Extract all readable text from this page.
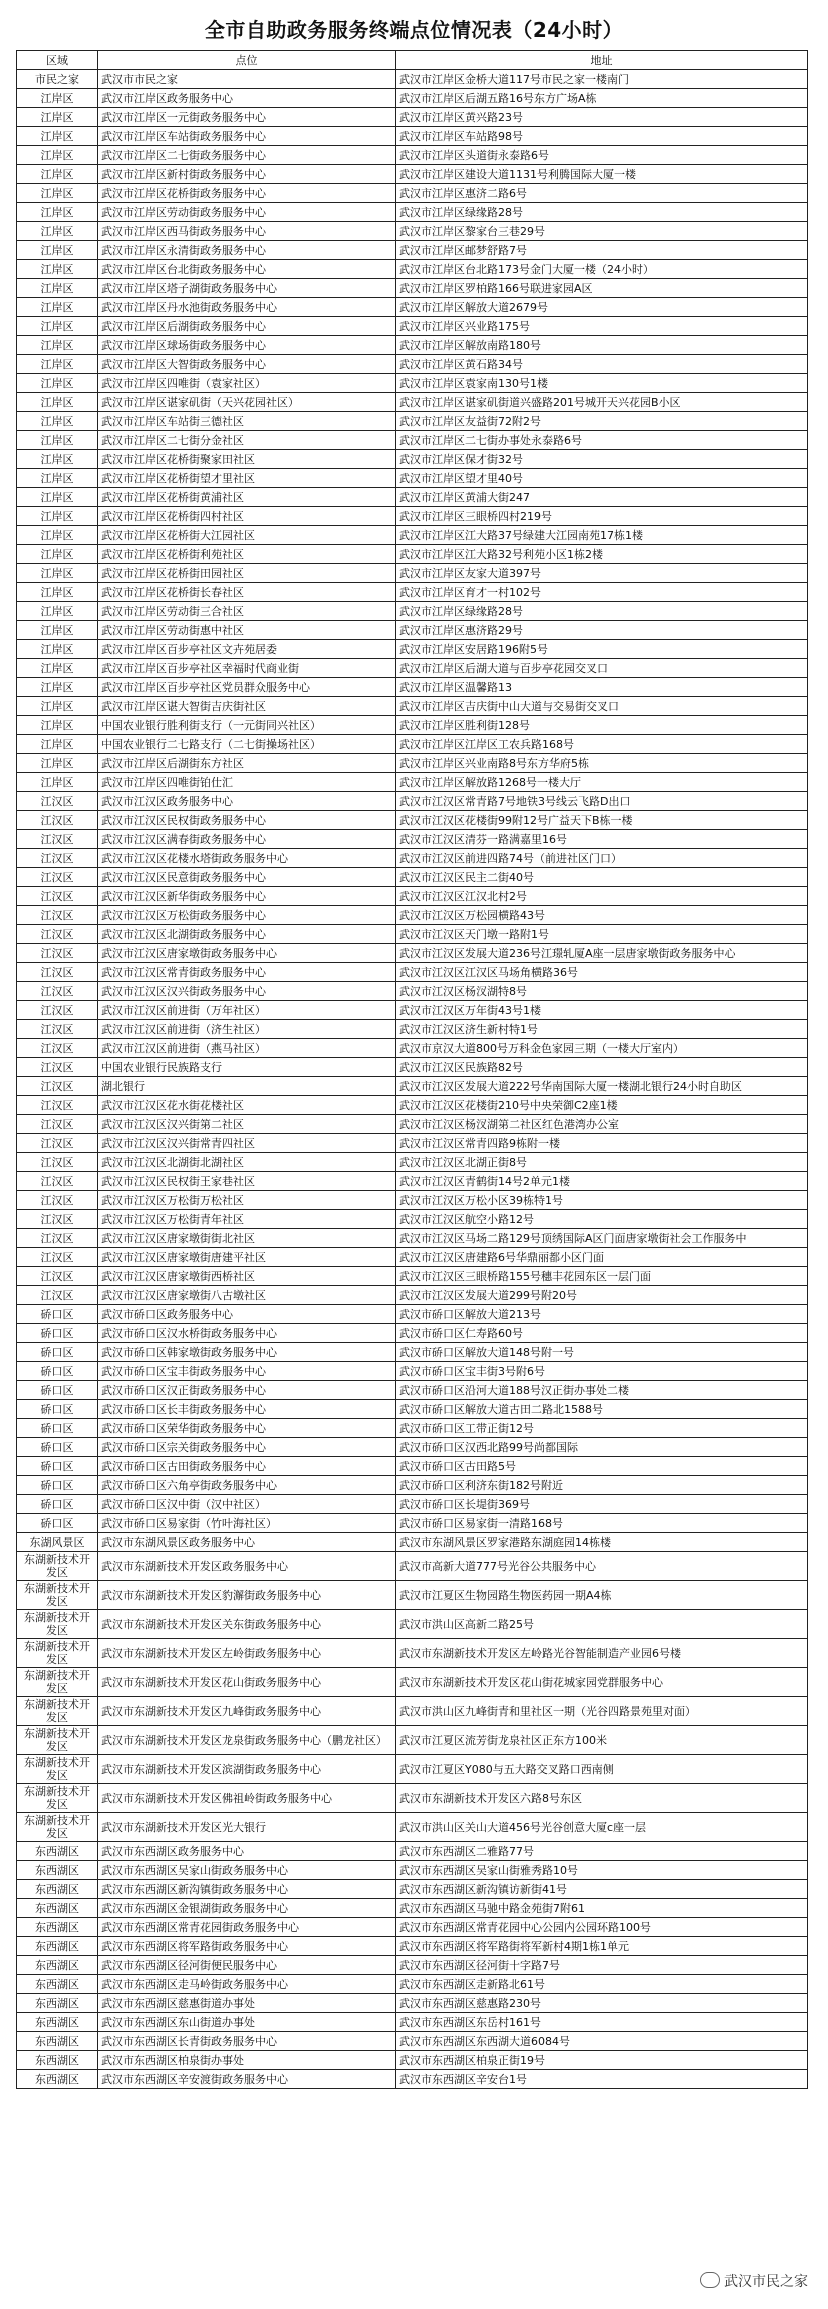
全市自助政务服务终端点位情况表（24小时）
区域	点位	地址
市民之家	武汉市市民之家	武汉市江岸区金桥大道117号市民之家一楼南门
江岸区	武汉市江岸区政务服务中心	武汉市江岸区后湖五路16号东方广场A栋
江岸区	武汉市江岸区一元街政务服务中心	武汉市江岸区黄兴路23号
江岸区	武汉市江岸区车站街政务服务中心	武汉市江岸区车站路98号
江岸区	武汉市江岸区二七街政务服务中心	武汉市江岸区头道街永泰路6号
江岸区	武汉市江岸区新村街政务服务中心	武汉市江岸区建设大道1131号利腾国际大厦一楼
江岸区	武汉市江岸区花桥街政务服务中心	武汉市江岸区惠济二路6号
江岸区	武汉市江岸区劳动街政务服务中心	武汉市江岸区绿缘路28号
江岸区	武汉市江岸区西马街政务服务中心	武汉市江岸区黎家台三巷29号
江岸区	武汉市江岸区永清街政务服务中心	武汉市江岸区邮梦舒路7号
江岸区	武汉市江岸区台北街政务服务中心	武汉市江岸区台北路173号金门大厦一楼（24小时）
江岸区	武汉市江岸区塔子湖街政务服务中心	武汉市江岸区罗柏路166号联进家园A区
江岸区	武汉市江岸区丹水池街政务服务中心	武汉市江岸区解放大道2679号
江岸区	武汉市江岸区后湖街政务服务中心	武汉市江岸区兴业路175号
江岸区	武汉市江岸区球场街政务服务中心	武汉市江岸区解放南路180号
江岸区	武汉市江岸区大智街政务服务中心	武汉市江岸区黄石路34号
江岸区	武汉市江岸区四唯街（袁家社区）	武汉市江岸区袁家南130号1楼
江岸区	武汉市江岸区谌家矶街（天兴花园社区）	武汉市江岸区谌家矶街道兴盛路201号城开天兴花园B小区
江岸区	武汉市江岸区车站街三德社区	武汉市江岸区友益街72附2号
江岸区	武汉市江岸区二七街分金社区	武汉市江岸区二七街办事处永泰路6号
江岸区	武汉市江岸区花桥街聚家田社区	武汉市江岸区保才街32号
江岸区	武汉市江岸区花桥街望才里社区	武汉市江岸区望才里40号
江岸区	武汉市江岸区花桥街黄浦社区	武汉市江岸区黄浦大街247
江岸区	武汉市江岸区花桥街四村社区	武汉市江岸区三眼桥四村219号
江岸区	武汉市江岸区花桥街大江园社区	武汉市江岸区江大路37号绿建大江园南苑17栋1楼
江岸区	武汉市江岸区花桥街利苑社区	武汉市江岸区江大路32号利苑小区1栋2楼
江岸区	武汉市江岸区花桥街田园社区	武汉市江岸区友家大道397号
江岸区	武汉市江岸区花桥街长春社区	武汉市江岸区育才一村102号
江岸区	武汉市江岸区劳动街三合社区	武汉市江岸区绿缘路28号
江岸区	武汉市江岸区劳动街惠中社区	武汉市江岸区惠济路29号
江岸区	武汉市江岸区百步亭社区文卉苑居委	武汉市江岸区安居路196附5号
江岸区	武汉市江岸区百步亭社区幸福时代商业街	武汉市江岸区后湖大道与百步亭花园交叉口
江岸区	武汉市江岸区百步亭社区党员群众服务中心	武汉市江岸区温馨路13
江岸区	武汉市江岸区谌大智街吉庆街社区	武汉市江岸区吉庆街中山大道与交易街交叉口
江岸区	中国农业银行胜利街支行（一元街同兴社区）	武汉市江岸区胜利街128号
江岸区	中国农业银行二七路支行（二七街操场社区）	武汉市江岸区江岸区工农兵路168号
江岸区	武汉市江岸区后湖街东方社区	武汉市江岸区兴业南路8号东方华府5栋
江岸区	武汉市江岸区四唯街铂仕汇	武汉市江岸区解放路1268号一楼大厅
江汉区	武汉市江汉区政务服务中心	武汉市江汉区常青路7号地铁3号线云飞路D出口
江汉区	武汉市江汉区民权街政务服务中心	武汉市江汉区花楼街99附12号广益天下B栋一楼
江汉区	武汉市江汉区满春街政务服务中心	武汉市江汉区清芬一路满嘉里16号
江汉区	武汉市江汉区花楼水塔街政务服务中心	武汉市江汉区前进四路74号（前进社区门口）
江汉区	武汉市江汉区民意街政务服务中心	武汉市江汉区民主二街40号
江汉区	武汉市江汉区新华街政务服务中心	武汉市江汉区江汉北村2号
江汉区	武汉市江汉区万松街政务服务中心	武汉市江汉区万松园横路43号
江汉区	武汉市江汉区北湖街政务服务中心	武汉市江汉区天门墩一路附1号
江汉区	武汉市江汉区唐家墩街政务服务中心	武汉市江汉区发展大道236号江璟轧厦A座一层唐家墩街政务服务中心
江汉区	武汉市江汉区常青街政务服务中心	武汉市江汉区江汉区马场角横路36号
江汉区	武汉市江汉区汉兴街政务服务中心	武汉市江汉区杨汊湖特8号
江汉区	武汉市江汉区前进街（万年社区）	武汉市江汉区万年街43号1楼
江汉区	武汉市江汉区前进街（济生社区）	武汉市江汉区济生新村特1号
江汉区	武汉市江汉区前进街（燕马社区）	武汉市京汉大道800号万科金色家园三期（一楼大厅室内）
江汉区	中国农业银行民族路支行	武汉市江汉区民族路82号
江汉区	湖北银行	武汉市江汉区发展大道222号华南国际大厦一楼湖北银行24小时自助区
江汉区	武汉市江汉区花水街花楼社区	武汉市江汉区花楼街210号中央荣御C2座1楼
江汉区	武汉市江汉区汉兴街第二社区	武汉市江汉区杨汊湖第二社区红色港湾办公室
江汉区	武汉市江汉区汉兴街常青四社区	武汉市江汉区常青四路9栋附一楼
江汉区	武汉市江汉区北湖街北湖社区	武汉市江汉区北湖正街8号
江汉区	武汉市江汉区民权街王家巷社区	武汉市江汉区青鹤街14号2单元1楼
江汉区	武汉市江汉区万松街万松社区	武汉市江汉区万松小区39栋特1号
江汉区	武汉市江汉区万松街青年社区	武汉市江汉区航空小路12号
江汉区	武汉市江汉区唐家墩街街北社区	武汉市江汉区马场二路129号顶绣国际A区门面唐家墩街社会工作服务中
江汉区	武汉市江汉区唐家墩街唐建平社区	武汉市江汉区唐建路6号华鼎丽都小区门面
江汉区	武汉市江汉区唐家墩街西桥社区	武汉市江汉区三眼桥路155号穗丰花园东区一层门面
江汉区	武汉市江汉区唐家墩街八古墩社区	武汉市江汉区发展大道299号附20号
硚口区	武汉市硚口区政务服务中心	武汉市硚口区解放大道213号
硚口区	武汉市硚口区汉水桥街政务服务中心	武汉市硚口区仁寿路60号
硚口区	武汉市硚口区韩家墩街政务服务中心	武汉市硚口区解放大道148号附一号
硚口区	武汉市硚口区宝丰街政务服务中心	武汉市硚口区宝丰街3号附6号
硚口区	武汉市硚口区汉正街政务服务中心	武汉市硚口区沿河大道188号汉正街办事处二楼
硚口区	武汉市硚口区长丰街政务服务中心	武汉市硚口区解放大道古田二路北1588号
硚口区	武汉市硚口区荣华街政务服务中心	武汉市硚口区工带正街12号
硚口区	武汉市硚口区宗关街政务服务中心	武汉市硚口区汉西北路99号尚都国际
硚口区	武汉市硚口区古田街政务服务中心	武汉市硚口区古田路5号
硚口区	武汉市硚口区六角亭街政务服务中心	武汉市硚口区利济东街182号附近
硚口区	武汉市硚口区汉中街（汉中社区）	武汉市硚口区长堤街369号
硚口区	武汉市硚口区易家街（竹叶海社区）	武汉市硚口区易家街一清路168号
东湖风景区	武汉市东湖风景区政务服务中心	武汉市东湖风景区罗家港路东湖庭园14栋楼
东湖新技术开发区	武汉市东湖新技术开发区政务服务中心	武汉市高新大道777号光谷公共服务中心
东湖新技术开发区	武汉市东湖新技术开发区豹澥街政务服务中心	武汉市江夏区生物园路生物医药园一期A4栋
东湖新技术开发区	武汉市东湖新技术开发区关东街政务服务中心	武汉市洪山区高新二路25号
东湖新技术开发区	武汉市东湖新技术开发区左岭街政务服务中心	武汉市东湖新技术开发区左岭路光谷智能制造产业园6号楼
东湖新技术开发区	武汉市东湖新技术开发区花山街政务服务中心	武汉市东湖新技术开发区花山街花城家园党群服务中心
东湖新技术开发区	武汉市东湖新技术开发区九峰街政务服务中心	武汉市洪山区九峰街青和里社区一期（光谷四路景苑里对面）
东湖新技术开发区	武汉市东湖新技术开发区龙泉街政务服务中心（鹏龙社区）	武汉市江夏区流芳街龙泉社区正东方100米
东湖新技术开发区	武汉市东湖新技术开发区滨湖街政务服务中心	武汉市江夏区Y080与五大路交叉路口西南侧
东湖新技术开发区	武汉市东湖新技术开发区佛祖岭街政务服务中心	武汉市东湖新技术开发区六路8号东区
东湖新技术开发区	武汉市东湖新技术开发区光大银行	武汉市洪山区关山大道456号光谷创意大厦c座一层
东西湖区	武汉市东西湖区政务服务中心	武汉市东西湖区二雅路77号
东西湖区	武汉市东西湖区吴家山街政务服务中心	武汉市东西湖区吴家山街雅秀路10号
东西湖区	武汉市东西湖区新沟镇街政务服务中心	武汉市东西湖区新沟镇访新街41号
东西湖区	武汉市东西湖区金银湖街政务服务中心	武汉市东西湖区马驰中路金苑街7附61
东西湖区	武汉市东西湖区常青花园街政务服务中心	武汉市东西湖区常青花园中心公园内公园环路100号
东西湖区	武汉市东西湖区将军路街政务服务中心	武汉市东西湖区将军路街将军新村4期1栋1单元
东西湖区	武汉市东西湖区径河街便民服务中心	武汉市东西湖区径河街十字路7号
东西湖区	武汉市东西湖区走马岭街政务服务中心	武汉市东西湖区走新路北61号
东西湖区	武汉市东西湖区慈惠街道办事处	武汉市东西湖区慈惠路230号
东西湖区	武汉市东西湖区东山街道办事处	武汉市东西湖区东岳村161号
东西湖区	武汉市东西湖区长青街政务服务中心	武汉市东西湖区东西湖大道6084号
东西湖区	武汉市东西湖区柏泉街办事处	武汉市东西湖区柏泉正街19号
东西湖区	武汉市东西湖区辛安渡街政务服务中心	武汉市东西湖区辛安台1号
武汉市民之家
